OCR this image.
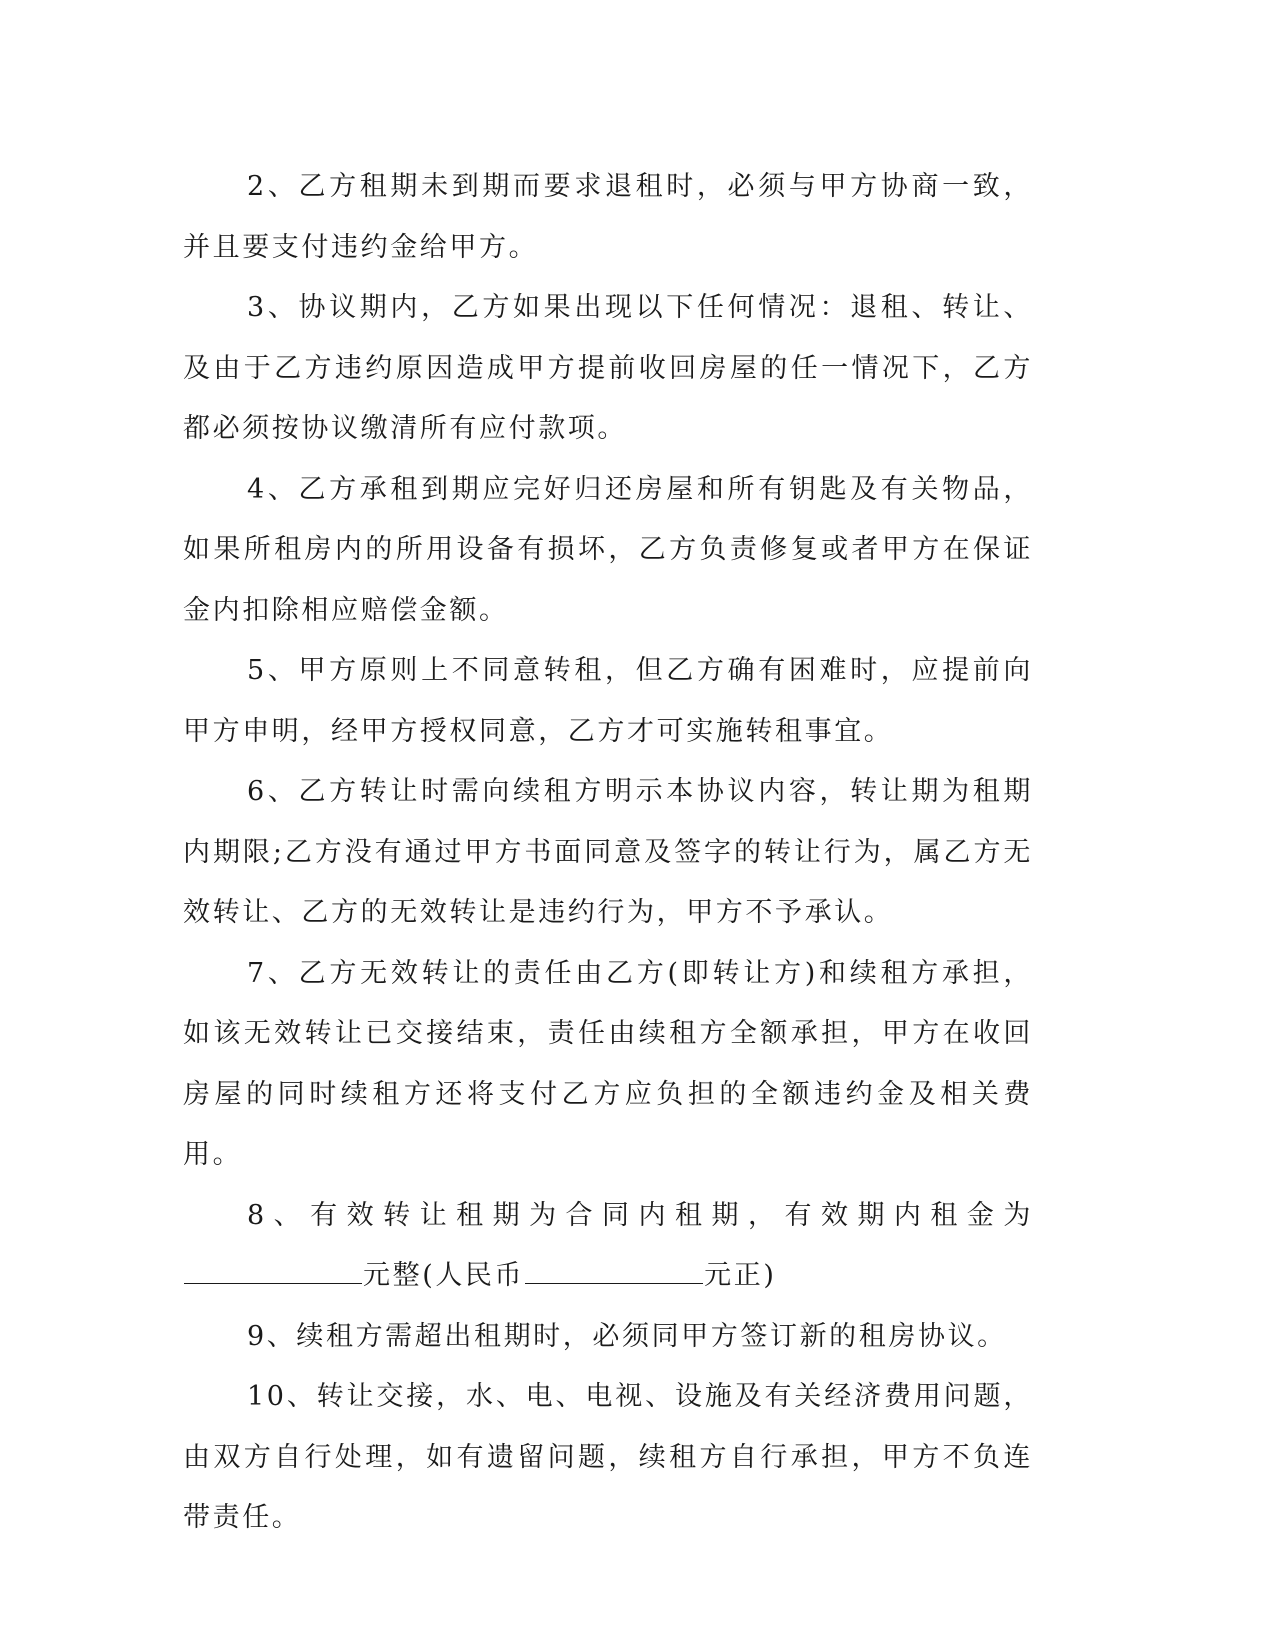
2、乙方租期未到期而要求退租时，必须与甲方协商一致，并且要支付违约金给甲方。

3、协议期内，乙方如果出现以下任何情况：退租、转让、及由于乙方违约原因造成甲方提前收回房屋的任一情况下，乙方都必须按协议缴清所有应付款项。

4、乙方承租到期应完好归还房屋和所有钥匙及有关物品，如果所租房内的所用设备有损坏，乙方负责修复或者甲方在保证金内扣除相应赔偿金额。

5、甲方原则上不同意转租，但乙方确有困难时，应提前向甲方申明，经甲方授权同意，乙方才可实施转租事宜。

6、乙方转让时需向续租方明示本协议内容，转让期为租期内期限;乙方没有通过甲方书面同意及签字的转让行为，属乙方无效转让、乙方的无效转让是违约行为，甲方不予承认。

7、乙方无效转让的责任由乙方(即转让方)和续租方承担，如该无效转让已交接结束，责任由续租方全额承担，甲方在收回房屋的同时续租方还将支付乙方应负担的全额违约金及相关费用。

8、有效转让租期为合同内租期，有效期内租金为元整(人民币	元正)

9、续租方需超出租期时，必须同甲方签订新的租房协议。

10、转让交接，水、电、电视、设施及有关经济费用问题，由双方自行处理，如有遗留问题，续租方自行承担，甲方不负连带责任。
